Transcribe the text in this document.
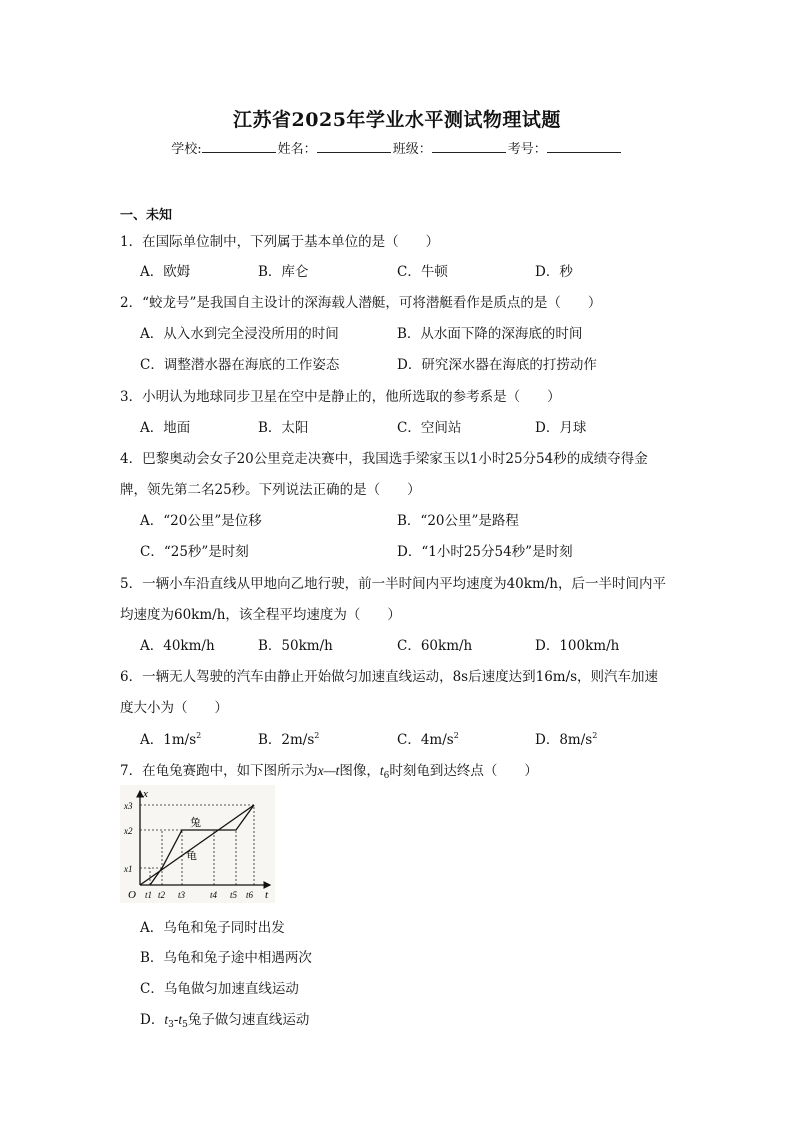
江苏省2025年学业水平测试物理试题
学校:	姓名：	班级：	考号：
一、未知
1．在国际单位制中，下列属于基本单位的是（　　）
A．欧姆	B．库仑	C．牛顿	D．秒
2．“蛟龙号”是我国自主设计的深海载人潜艇，可将潜艇看作是质点的是（　　）
A．从入水到完全浸没所用的时间	B．从水面下降的深海底的时间
C．调整潜水器在海底的工作姿态	D．研究深水器在海底的打捞动作
3．小明认为地球同步卫星在空中是静止的，他所选取的参考系是（　　）
A．地面	B．太阳	C．空间站	D．月球
4．巴黎奥动会女子20公里竞走决赛中，我国选手梁家玉以1小时25分54秒的成绩夺得金
牌，领先第二名25秒。下列说法正确的是（　　）
A．“20公里”是位移	B．“20公里”是路程
C．“25秒”是时刻	D．“1小时25分54秒”是时刻
5．一辆小车沿直线从甲地向乙地行驶，前一半时间内平均速度为40km/h，后一半时间内平
均速度为60km/h，该全程平均速度为（　　）
A．40km/h	B．50km/h	C．60km/h	D．100km/h
6．一辆无人驾驶的汽车由静止开始做匀加速直线运动，8s后速度达到16m/s，则汽车加速
度大小为（　　）
A．$1m/s^2$	B．$2m/s^2$	C．$4m/s^2$	D．$8m/s^2$
7．在龟兔赛跑中，如下图所示为x—t图像，$t_6$时刻龟到达终点（　　）
x
t
O
x3
x2
x1
t1 t2 t3	t4 t5 t6
兔
龟
A．乌龟和兔子同时出发
B．乌龟和兔子途中相遇两次
C．乌龟做匀加速直线运动
D．$t_3-t_5$兔子做匀速直线运动
